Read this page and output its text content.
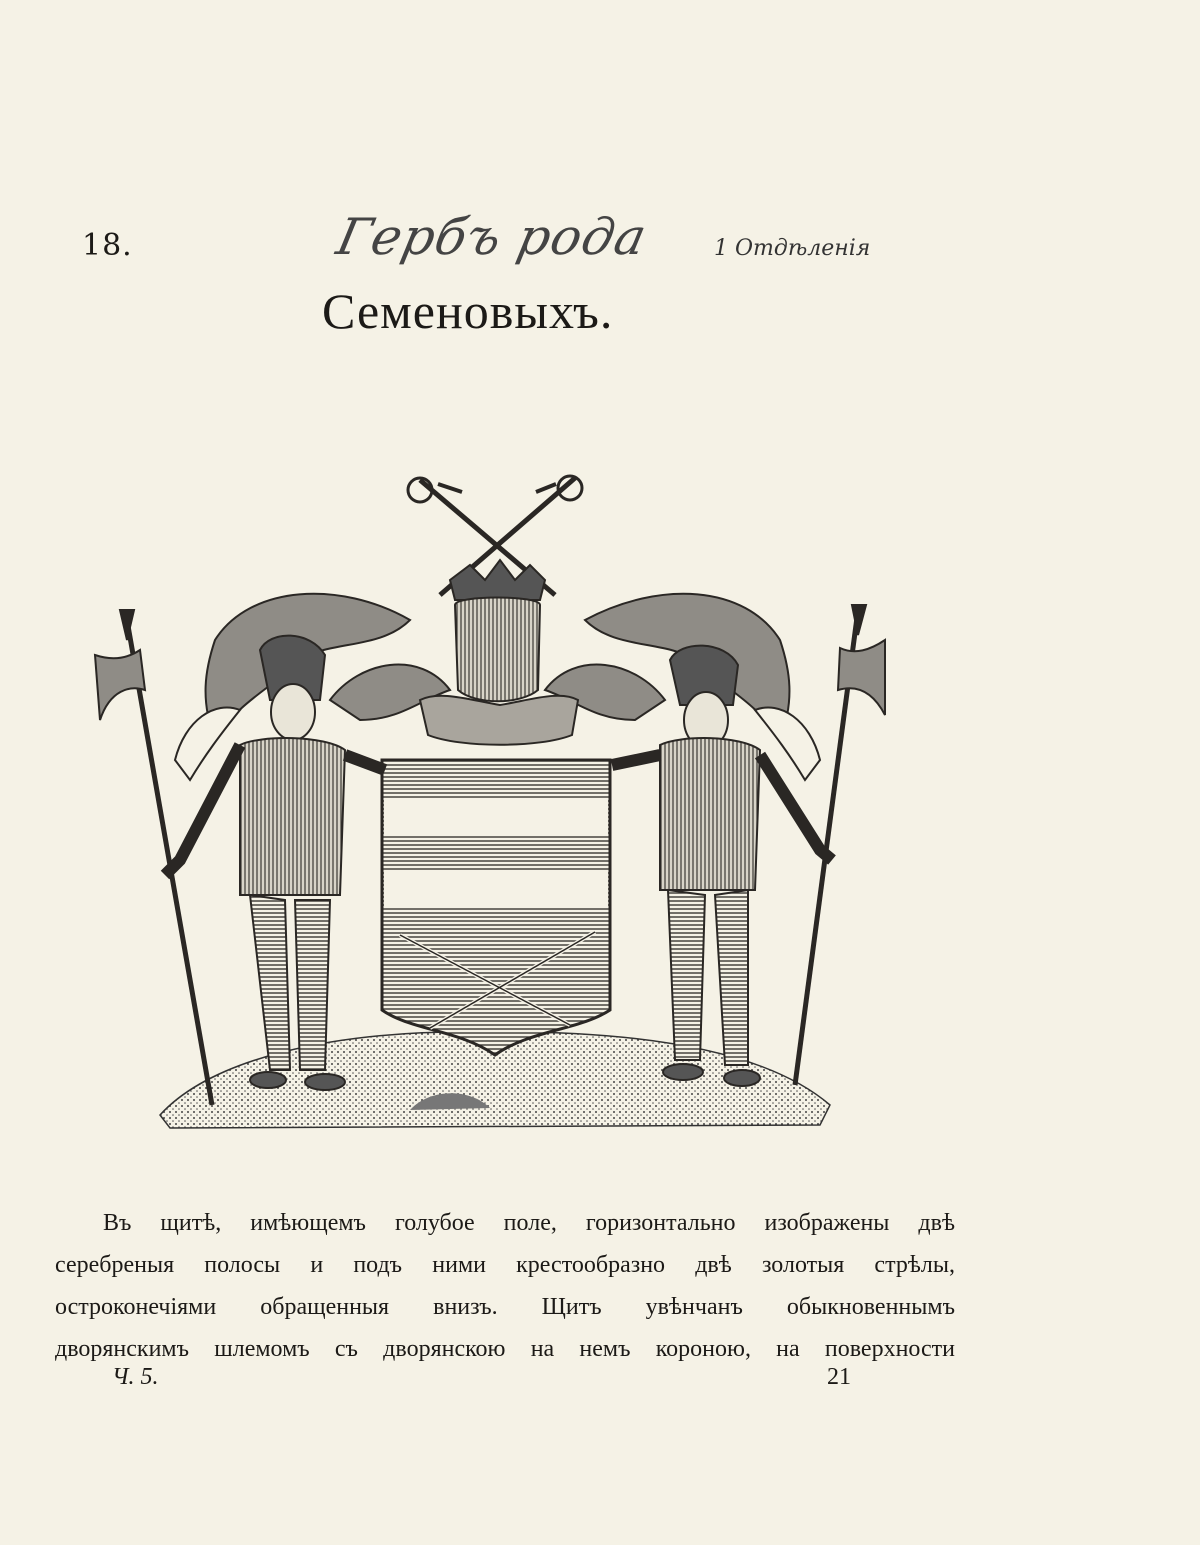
18.	Гербъ рода	1 Отдѣленія
Семеновыхъ.
Въ щитѣ, имѣющемъ голубое поле, горизонтально изображены двѣ
серебреныя полосы и подъ ними крестообразно двѣ золотыя стрѣлы,
остроконечіями обращенныя внизъ. Щитъ увѣнчанъ обыкновеннымъ
дворянскимъ шлемомъ съ дворянскою на немъ короною, на поверхности
Ч. 5.	21
